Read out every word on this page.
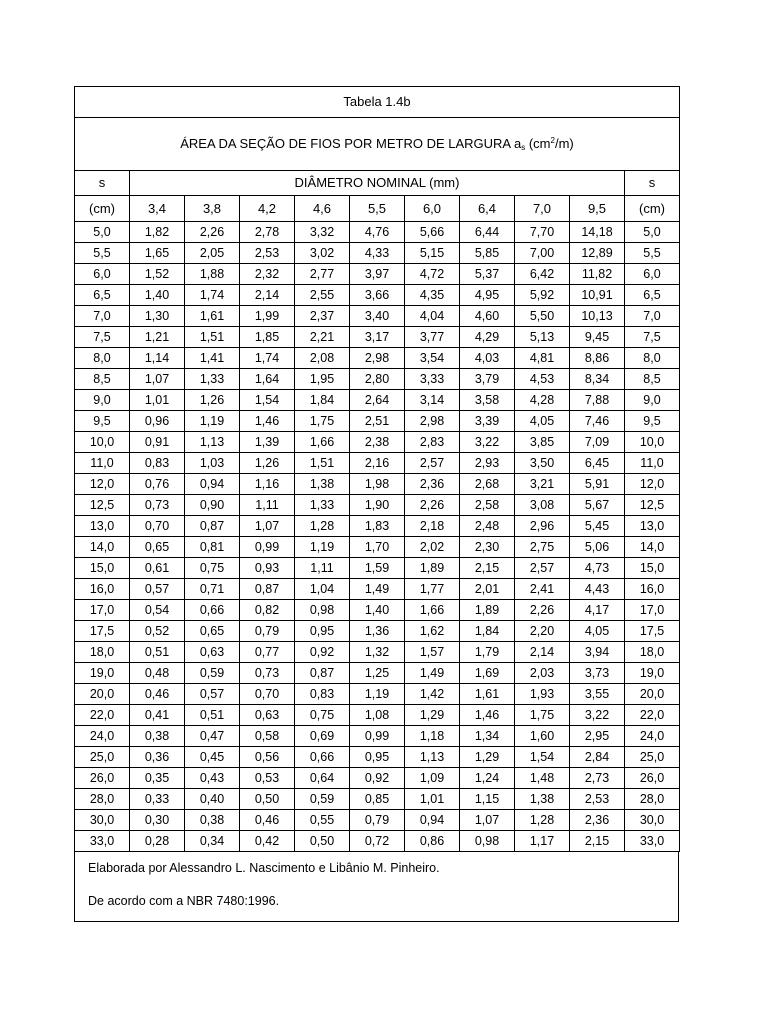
Tabela 1.4b										
ÁREA DA SEÇÃO DE FIOS POR METRO DE LARGURA $a_s$ $(cm^2/m)$										
s	DIÂMETRO NOMINAL (mm)									s
(cm)	3,4	3,8	4,2	4,6	5,5	6,0	6,4	7,0	9,5	(cm)
5,0	1,82	2,26	2,78	3,32	4,76	5,66	6,44	7,70	14,18	5,0
5,5	1,65	2,05	2,53	3,02	4,33	5,15	5,85	7,00	12,89	5,5
6,0	1,52	1,88	2,32	2,77	3,97	4,72	5,37	6,42	11,82	6,0
6,5	1,40	1,74	2,14	2,55	3,66	4,35	4,95	5,92	10,91	6,5
7,0	1,30	1,61	1,99	2,37	3,40	4,04	4,60	5,50	10,13	7,0
7,5	1,21	1,51	1,85	2,21	3,17	3,77	4,29	5,13	9,45	7,5
8,0	1,14	1,41	1,74	2,08	2,98	3,54	4,03	4,81	8,86	8,0
8,5	1,07	1,33	1,64	1,95	2,80	3,33	3,79	4,53	8,34	8,5
9,0	1,01	1,26	1,54	1,84	2,64	3,14	3,58	4,28	7,88	9,0
9,5	0,96	1,19	1,46	1,75	2,51	2,98	3,39	4,05	7,46	9,5
10,0	0,91	1,13	1,39	1,66	2,38	2,83	3,22	3,85	7,09	10,0
11,0	0,83	1,03	1,26	1,51	2,16	2,57	2,93	3,50	6,45	11,0
12,0	0,76	0,94	1,16	1,38	1,98	2,36	2,68	3,21	5,91	12,0
12,5	0,73	0,90	1,11	1,33	1,90	2,26	2,58	3,08	5,67	12,5
13,0	0,70	0,87	1,07	1,28	1,83	2,18	2,48	2,96	5,45	13,0
14,0	0,65	0,81	0,99	1,19	1,70	2,02	2,30	2,75	5,06	14,0
15,0	0,61	0,75	0,93	1,11	1,59	1,89	2,15	2,57	4,73	15,0
16,0	0,57	0,71	0,87	1,04	1,49	1,77	2,01	2,41	4,43	16,0
17,0	0,54	0,66	0,82	0,98	1,40	1,66	1,89	2,26	4,17	17,0
17,5	0,52	0,65	0,79	0,95	1,36	1,62	1,84	2,20	4,05	17,5
18,0	0,51	0,63	0,77	0,92	1,32	1,57	1,79	2,14	3,94	18,0
19,0	0,48	0,59	0,73	0,87	1,25	1,49	1,69	2,03	3,73	19,0
20,0	0,46	0,57	0,70	0,83	1,19	1,42	1,61	1,93	3,55	20,0
22,0	0,41	0,51	0,63	0,75	1,08	1,29	1,46	1,75	3,22	22,0
24,0	0,38	0,47	0,58	0,69	0,99	1,18	1,34	1,60	2,95	24,0
25,0	0,36	0,45	0,56	0,66	0,95	1,13	1,29	1,54	2,84	25,0
26,0	0,35	0,43	0,53	0,64	0,92	1,09	1,24	1,48	2,73	26,0
28,0	0,33	0,40	0,50	0,59	0,85	1,01	1,15	1,38	2,53	28,0
30,0	0,30	0,38	0,46	0,55	0,79	0,94	1,07	1,28	2,36	30,0
33,0	0,28	0,34	0,42	0,50	0,72	0,86	0,98	1,17	2,15	33,0
Elaborada por Alessandro L. Nascimento e Libânio M. Pinheiro.
De acordo com a NBR 7480:1996.
